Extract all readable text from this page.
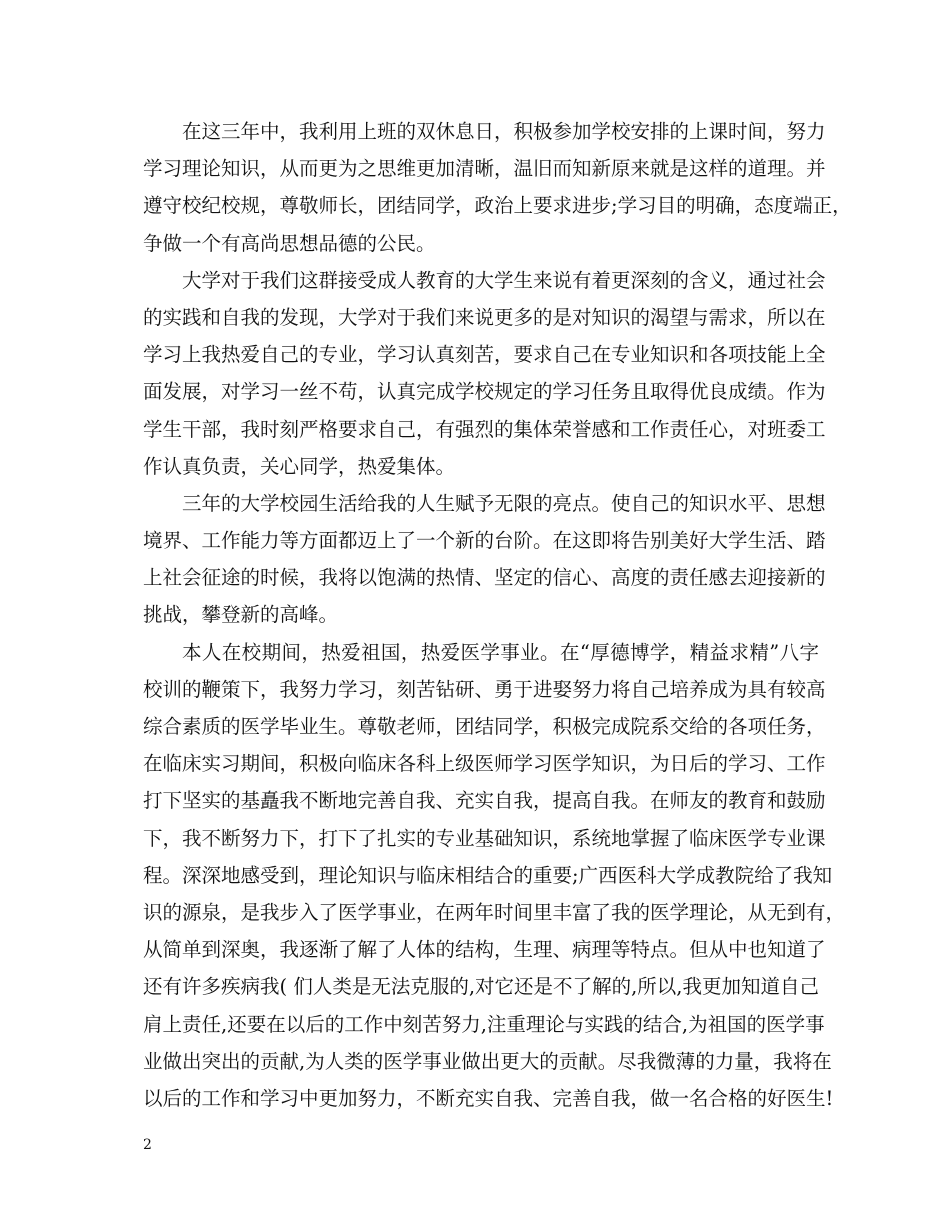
在这三年中，我利用上班的双休息日，积极参加学校安排的上课时间，努力
学习理论知识，从而更为之思维更加清晰，温旧而知新原来就是这样的道理。并
遵守校纪校规，尊敬师长，团结同学，政治上要求进步;学习目的明确，态度端正，
争做一个有高尚思想品德的公民。
大学对于我们这群接受成人教育的大学生来说有着更深刻的含义，通过社会
的实践和自我的发现，大学对于我们来说更多的是对知识的渴望与需求，所以在
学习上我热爱自己的专业，学习认真刻苦，要求自己在专业知识和各项技能上全
面发展，对学习一丝不苟，认真完成学校规定的学习任务且取得优良成绩。作为
学生干部，我时刻严格要求自己，有强烈的集体荣誉感和工作责任心，对班委工
作认真负责，关心同学，热爱集体。
三年的大学校园生活给我的人生赋予无限的亮点。使自己的知识水平、思想
境界、工作能力等方面都迈上了一个新的台阶。在这即将告别美好大学生活、踏
上社会征途的时候，我将以饱满的热情、坚定的信心、高度的责任感去迎接新的
挑战，攀登新的高峰。
本人在校期间，热爱祖国，热爱医学事业。在“厚德博学，精益求精”八字
校训的鞭策下，我努力学习，刻苦钻研、勇于进娶努力将自己培养成为具有较高
综合素质的医学毕业生。尊敬老师，团结同学，积极完成院系交给的各项任务，
在临床实习期间，积极向临床各科上级医师学习医学知识，为日后的学习、工作
打下坚实的基矗我不断地完善自我、充实自我，提高自我。在师友的教育和鼓励
下，我不断努力下，打下了扎实的专业基础知识，系统地掌握了临床医学专业课
程。深深地感受到，理论知识与临床相结合的重要;广西医科大学成教院给了我知
识的源泉，是我步入了医学事业，在两年时间里丰富了我的医学理论，从无到有，
从简单到深奥，我逐渐了解了人体的结构，生理、病理等特点。但从中也知道了
还有许多疾病我( 们人类是无法克服的,对它还是不了解的,所以,我更加知道自己
肩上责任,还要在以后的工作中刻苦努力,注重理论与实践的结合,为祖国的医学事
业做出突出的贡献,为人类的医学事业做出更大的贡献。尽我微薄的力量，我将在
以后的工作和学习中更加努力，不断充实自我、完善自我，做一名合格的好医生!
2
